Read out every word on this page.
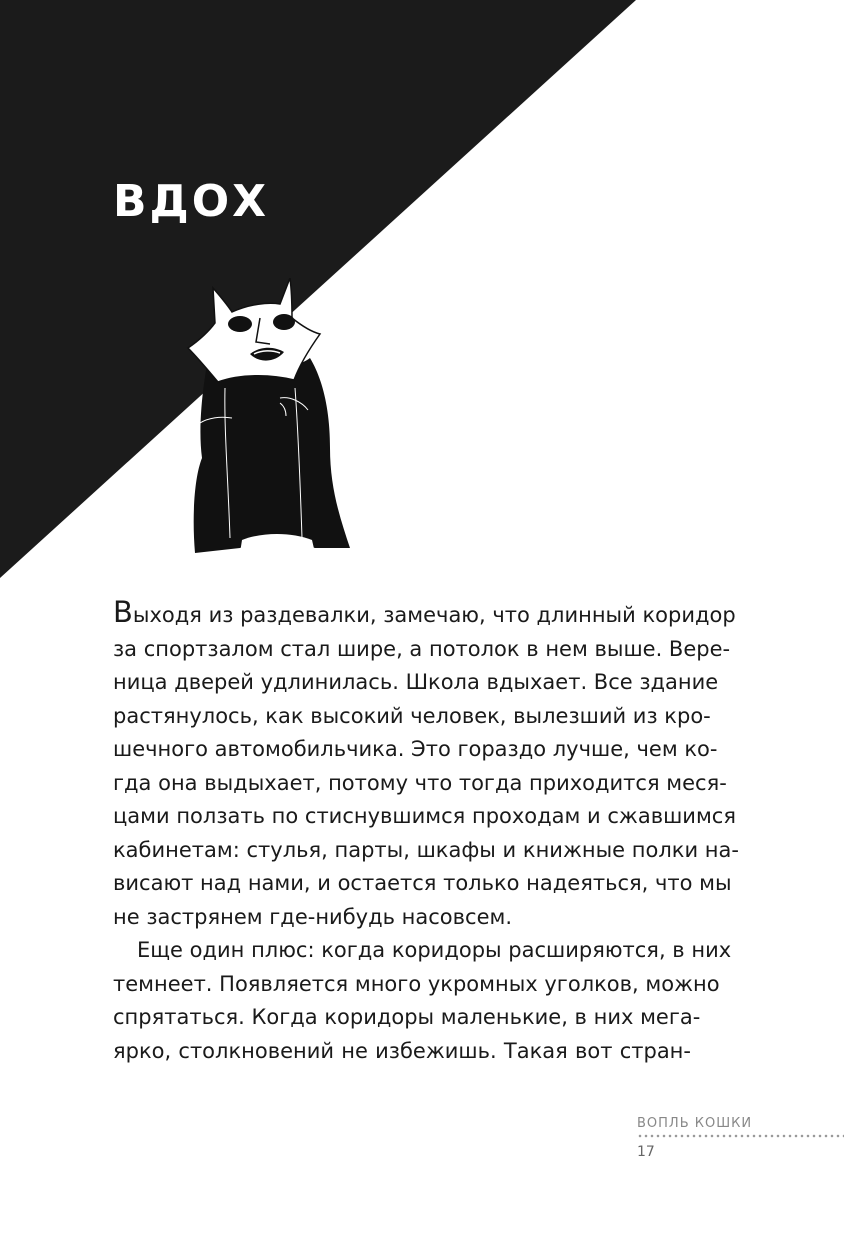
ВДОХ
Выходя из раздевалки, замечаю, что длинный коридор
за спортзалом стал шире, а потолок в нем выше. Вере-
ница дверей удлинилась. Школа вдыхает. Все здание
растянулось, как высокий человек, вылезший из кро-
шечного автомобильчика. Это гораздо лучше, чем ко-
гда она выдыхает, потому что тогда приходится меся-
цами ползать по стиснувшимся проходам и сжавшимся
кабинетам: стулья, парты, шкафы и книжные полки на-
висают над нами, и остается только надеяться, что мы
не застрянем где-нибудь насовсем.
Еще один плюс: когда коридоры расширяются, в них
темнеет. Появляется много укромных уголков, можно
спрятаться. Когда коридоры маленькие, в них мега-
ярко, столкновений не избежишь. Такая вот стран-
ВОПЛЬ КОШКИ
17
